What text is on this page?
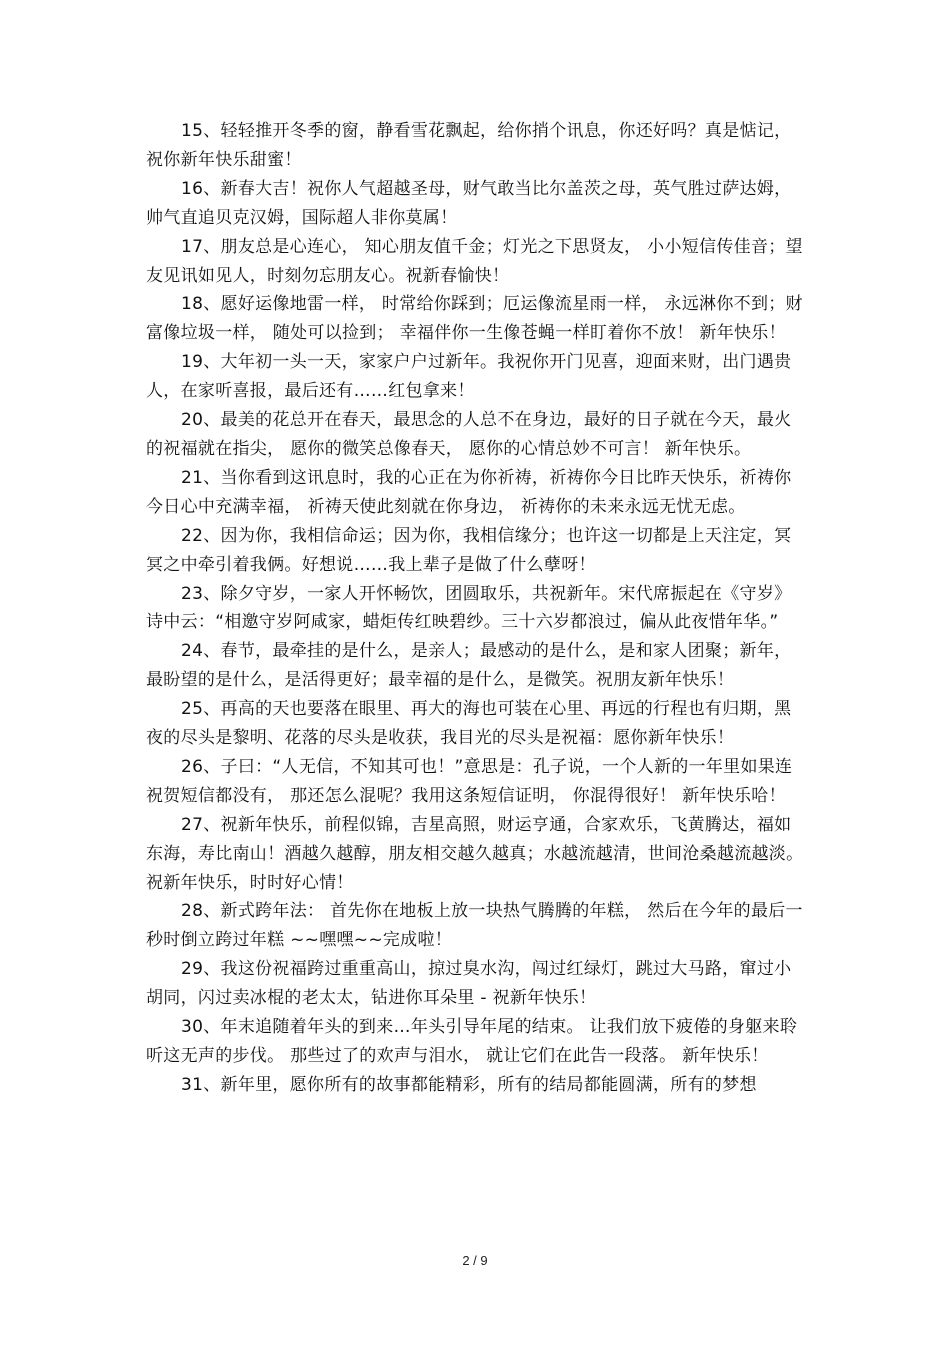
15、轻轻推开冬季的窗，静看雪花飘起，给你捎个讯息，你还好吗？真是惦记，祝你新年快乐甜蜜！

16、新春大吉！祝你人气超越圣母，财气敢当比尔盖茨之母，英气胜过萨达姆，帅气直追贝克汉姆，国际超人非你莫属！

17、朋友总是心连心， 知心朋友值千金；灯光之下思贤友， 小小短信传佳音；望友见讯如见人，时刻勿忘朋友心。祝新春愉快！

18、愿好运像地雷一样， 时常给你踩到；厄运像流星雨一样， 永远淋你不到；财富像垃圾一样， 随处可以捡到； 幸福伴你一生像苍蝇一样盯着你不放！ 新年快乐！

19、大年初一头一天，家家户户过新年。我祝你开门见喜，迎面来财，出门遇贵人，在家听喜报，最后还有……红包拿来！

20、最美的花总开在春天，最思念的人总不在身边，最好的日子就在今天，最火的祝福就在指尖， 愿你的微笑总像春天， 愿你的心情总妙不可言！ 新年快乐。

21、当你看到这讯息时，我的心正在为你祈祷，祈祷你今日比昨天快乐，祈祷你今日心中充满幸福， 祈祷天使此刻就在你身边， 祈祷你的未来永远无忧无虑。

22、因为你，我相信命运；因为你，我相信缘分；也许这一切都是上天注定，冥冥之中牵引着我俩。好想说……我上辈子是做了什么孽呀！

23、除夕守岁，一家人开怀畅饮，团圆取乐，共祝新年。宋代席振起在《守岁》诗中云：“相邀守岁阿咸家，蜡炬传红映碧纱。三十六岁都浪过，偏从此夜惜年华。”

24、春节，最牵挂的是什么，是亲人；最感动的是什么，是和家人团聚；新年，最盼望的是什么，是活得更好；最幸福的是什么，是微笑。祝朋友新年快乐！

25、再高的天也要落在眼里、再大的海也可装在心里、再远的行程也有归期，黑夜的尽头是黎明、花落的尽头是收获，我目光的尽头是祝福：愿你新年快乐！

26、子曰：“人无信，不知其可也！”意思是：孔子说，一个人新的一年里如果连祝贺短信都没有， 那还怎么混呢？我用这条短信证明， 你混得很好！ 新年快乐哈！

27、祝新年快乐，前程似锦，吉星高照，财运亨通，合家欢乐，飞黄腾达，福如东海，寿比南山！酒越久越醇，朋友相交越久越真；水越流越清，世间沧桑越流越淡。祝新年快乐，时时好心情！

28、新式跨年法： 首先你在地板上放一块热气腾腾的年糕， 然后在今年的最后一秒时倒立跨过年糕 ~~嘿嘿~~完成啦！

29、我这份祝福跨过重重高山，掠过臭水沟，闯过红绿灯，跳过大马路，窜过小胡同，闪过卖冰棍的老太太，钻进你耳朵里 - 祝新年快乐！

30、年末追随着年头的到来…年头引导年尾的结束。 让我们放下疲倦的身躯来聆听这无声的步伐。 那些过了的欢声与泪水， 就让它们在此告一段落。 新年快乐！

31、新年里，愿你所有的故事都能精彩，所有的结局都能圆满，所有的梦想

2 / 9
